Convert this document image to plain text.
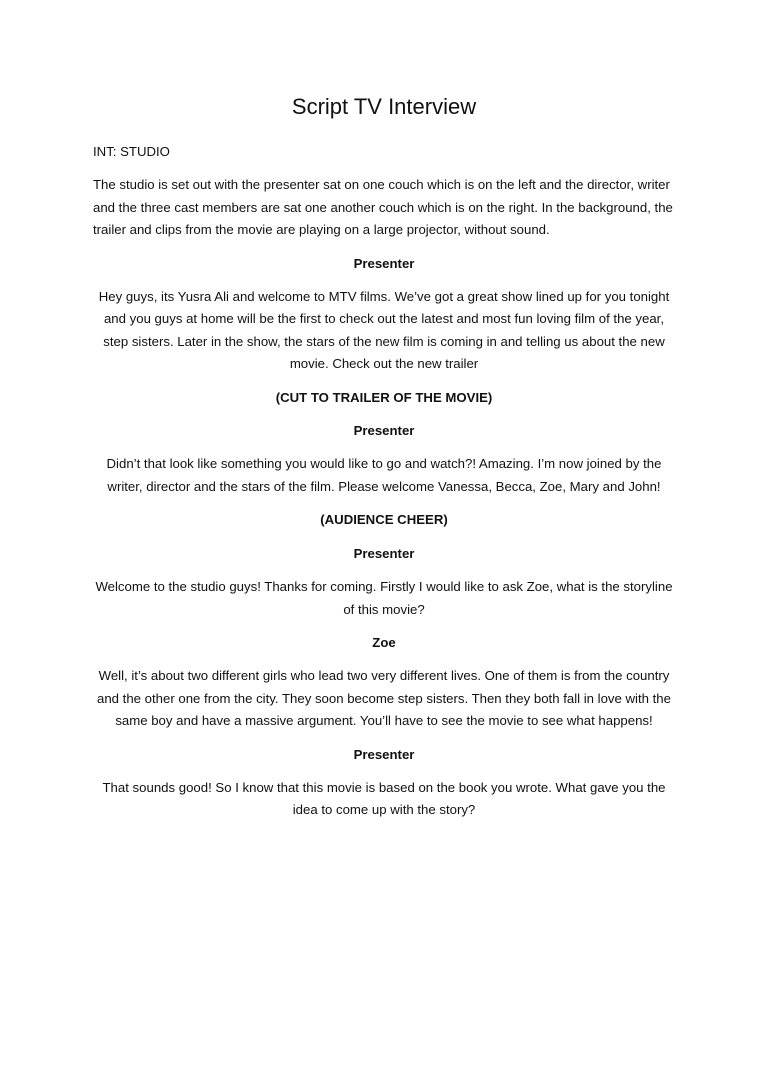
Script TV Interview

INT: STUDIO

The studio is set out with the presenter sat on one couch which is on the left and the director, writer and the three cast members are sat one another couch which is on the right. In the background, the trailer and clips from the movie are playing on a large projector, without sound.

Presenter

Hey guys, its Yusra Ali and welcome to MTV films. We’ve got a great show lined up for you tonight and you guys at home will be the first to check out the latest and most fun loving film of the year, step sisters. Later in the show, the stars of the new film is coming in and telling us about the new movie. Check out the new trailer

(CUT TO TRAILER OF THE MOVIE)

Presenter

Didn’t that look like something you would like to go and watch?! Amazing. I’m now joined by the writer, director and the stars of the film. Please welcome Vanessa, Becca, Zoe, Mary and John!

(AUDIENCE CHEER)

Presenter

Welcome to the studio guys! Thanks for coming. Firstly I would like to ask Zoe, what is the storyline of this movie?

Zoe

Well, it’s about two different girls who lead two very different lives. One of them is from the country and the other one from the city. They soon become step sisters. Then they both fall in love with the same boy and have a massive argument. You’ll have to see the movie to see what happens!

Presenter

That sounds good! So I know that this movie is based on the book you wrote. What gave you the idea to come up with the story?
